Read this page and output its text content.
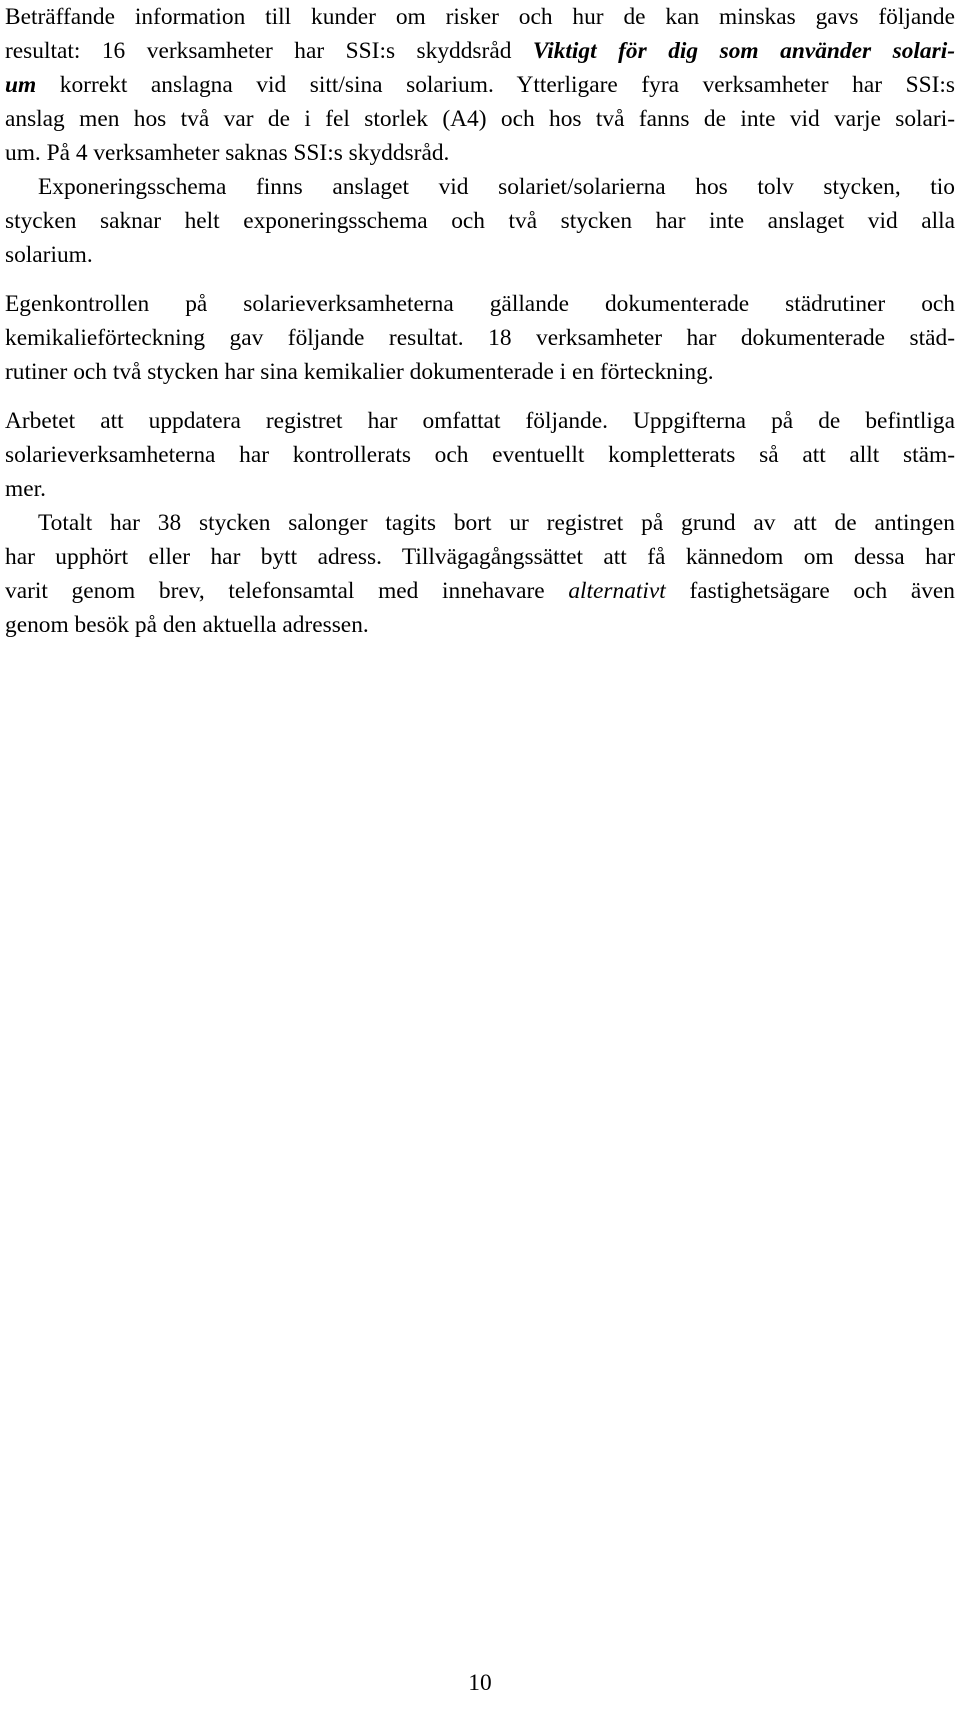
Beträffande information till kunder om risker och hur de kan minskas gavs följande
resultat: 16 verksamheter har SSI:s skyddsråd Viktigt för dig som använder solari-
um korrekt anslagna vid sitt/sina solarium. Ytterligare fyra verksamheter har SSI:s
anslag men hos två var de i fel storlek (A4) och hos två fanns de inte vid varje solari-
um. På 4 verksamheter saknas SSI:s skyddsråd.
Exponeringsschema finns anslaget vid solariet/solarierna hos tolv stycken, tio
stycken saknar helt exponeringsschema och två stycken har inte anslaget vid alla
solarium.
Egenkontrollen på solarieverksamheterna gällande dokumenterade städrutiner och
kemikalieförteckning gav följande resultat. 18 verksamheter har dokumenterade städ-
rutiner och två stycken har sina kemikalier dokumenterade i en förteckning.
Arbetet att uppdatera registret har omfattat följande. Uppgifterna på de befintliga
solarieverksamheterna har kontrollerats och eventuellt kompletterats så att allt stäm-
mer.
Totalt har 38 stycken salonger tagits bort ur registret på grund av att de antingen
har upphört eller har bytt adress. Tillvägagångssättet att få kännedom om dessa har
varit genom brev, telefonsamtal med innehavare alternativt fastighetsägare och även
genom besök på den aktuella adressen.
10
